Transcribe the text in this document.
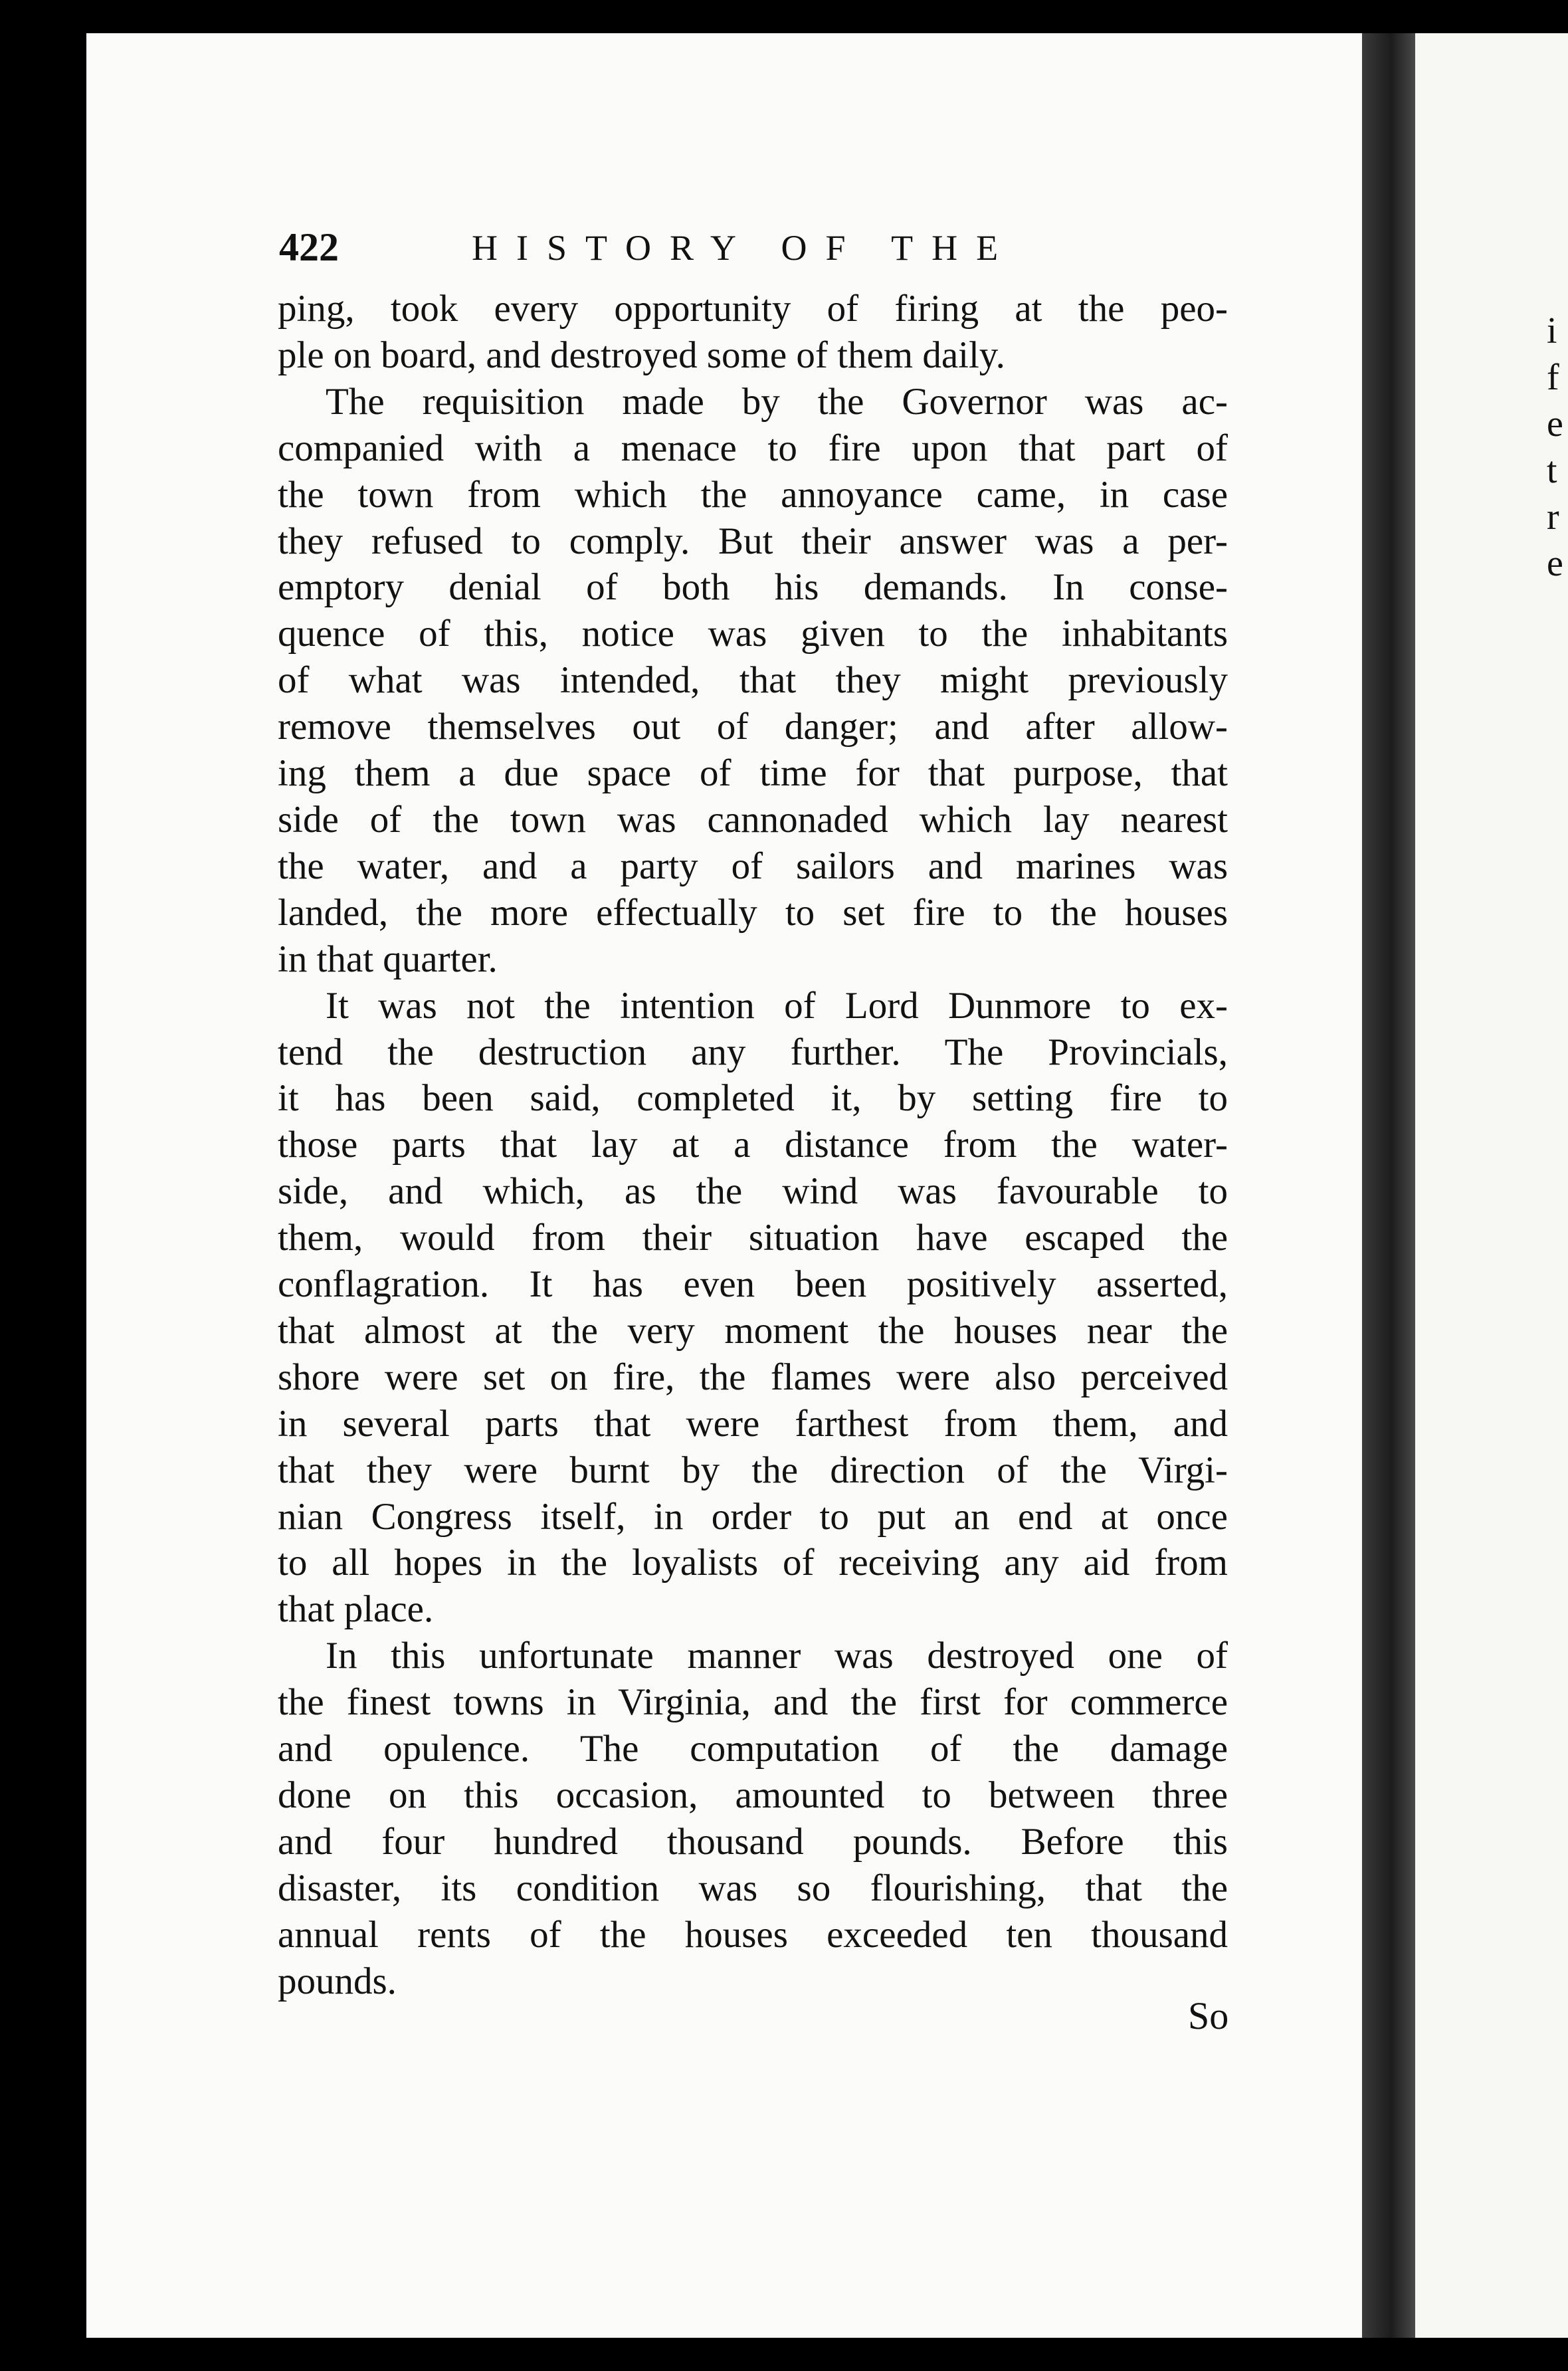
i
f
e
t
r
e
422	HISTORY OF THE
ping, took every opportunity of firing at the peo-
ple on board, and destroyed some of them daily.
The requisition made by the Governor was ac-
companied with a menace to fire upon that part of
the town from which the annoyance came, in case
they refused to comply. But their answer was a per-
emptory denial of both his demands. In conse-
quence of this, notice was given to the inhabitants
of what was intended, that they might previously
remove themselves out of danger; and after allow-
ing them a due space of time for that purpose, that
side of the town was cannonaded which lay nearest
the water, and a party of sailors and marines was
landed, the more effectually to set fire to the houses
in that quarter.
It was not the intention of Lord Dunmore to ex-
tend the destruction any further. The Provincials,
it has been said, completed it, by setting fire to
those parts that lay at a distance from the water-
side, and which, as the wind was favourable to
them, would from their situation have escaped the
conflagration. It has even been positively asserted,
that almost at the very moment the houses near the
shore were set on fire, the flames were also perceived
in several parts that were farthest from them, and
that they were burnt by the direction of the Virgi-
nian Congress itself, in order to put an end at once
to all hopes in the loyalists of receiving any aid from
that place.
In this unfortunate manner was destroyed one of
the finest towns in Virginia, and the first for commerce
and opulence. The computation of the damage
done on this occasion, amounted to between three
and four hundred thousand pounds. Before this
disaster, its condition was so flourishing, that the
annual rents of the houses exceeded ten thousand
pounds.
So
